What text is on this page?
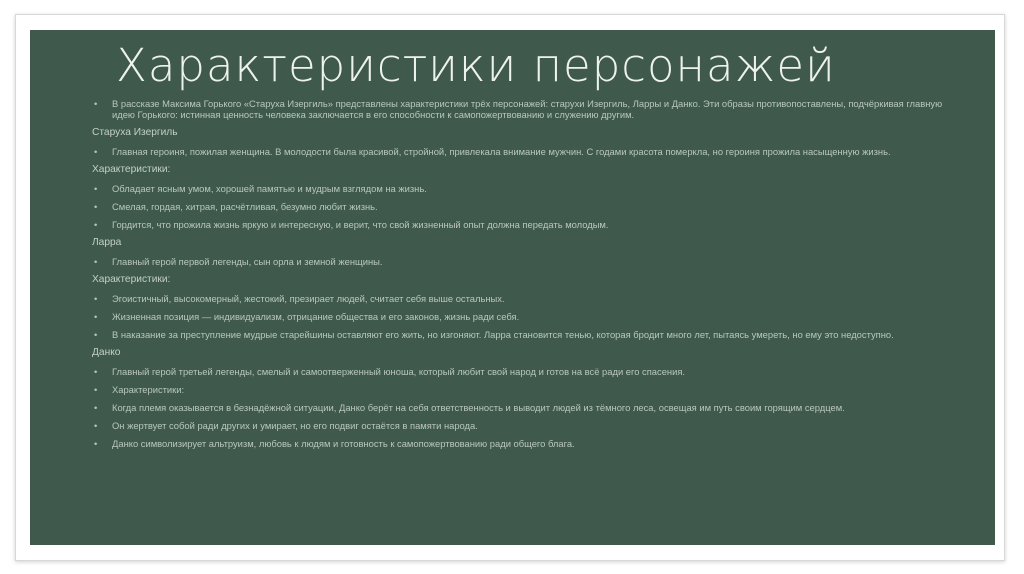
Характеристики персонажей
• В рассказе Максима Горького «Старуха Изергиль» представлены характеристики трёх персонажей: старухи Изергиль, Ларры и Данко. Эти образы противопоставлены, подчёркивая главную идею Горького: истинная ценность человека заключается в его способности к самопожертвованию и служению другим.
Старуха Изергиль
• Главная героиня, пожилая женщина. В молодости была красивой, стройной, привлекала внимание мужчин. С годами красота померкла, но героиня прожила насыщенную жизнь.
Характеристики:
• Обладает ясным умом, хорошей памятью и мудрым взглядом на жизнь.
• Смелая, гордая, хитрая, расчётливая, безумно любит жизнь.
• Гордится, что прожила жизнь яркую и интересную, и верит, что свой жизненный опыт должна передать молодым.
Ларра
• Главный герой первой легенды, сын орла и земной женщины.
Характеристики:
• Эгоистичный, высокомерный, жестокий, презирает людей, считает себя выше остальных.
• Жизненная позиция — индивидуализм, отрицание общества и его законов, жизнь ради себя.
• В наказание за преступление мудрые старейшины оставляют его жить, но изгоняют. Ларра становится тенью, которая бродит много лет, пытаясь умереть, но ему это недоступно.
Данко
• Главный герой третьей легенды, смелый и самоотверженный юноша, который любит свой народ и готов на всё ради его спасения.
• Характеристики:
• Когда племя оказывается в безнадёжной ситуации, Данко берёт на себя ответственность и выводит людей из тёмного леса, освещая им путь своим горящим сердцем.
• Он жертвует собой ради других и умирает, но его подвиг остаётся в памяти народа.
• Данко символизирует альтруизм, любовь к людям и готовность к самопожертвованию ради общего блага.
